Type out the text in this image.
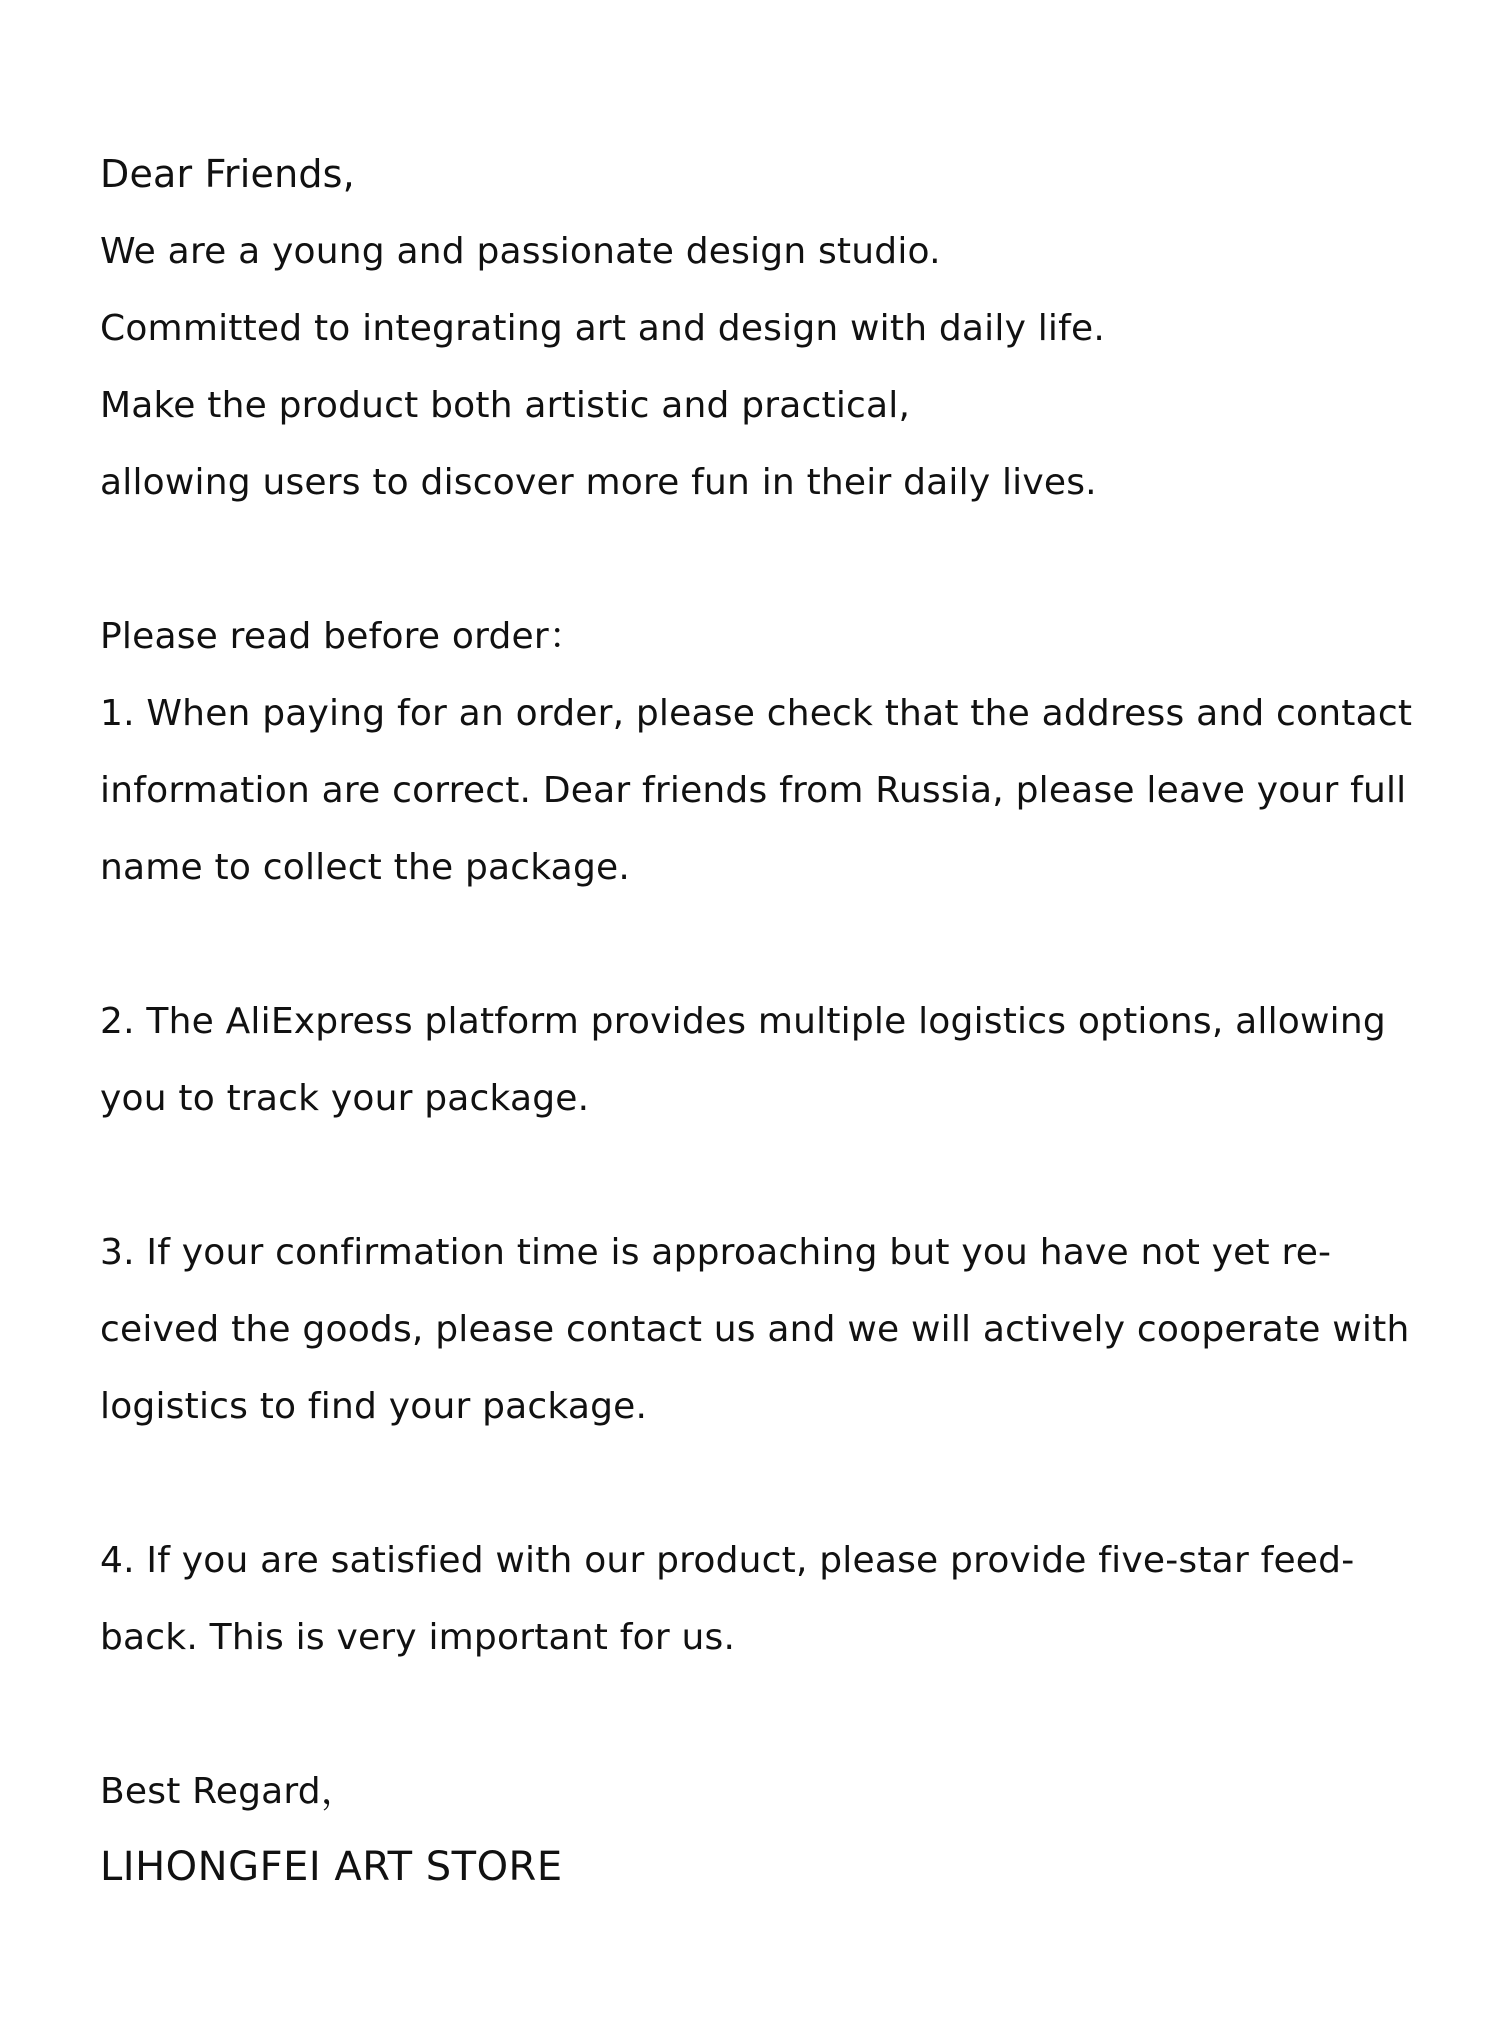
Dear Friends,
We are a young and passionate design studio.
Committed to integrating art and design with daily life.
Make the product both artistic and practical,
allowing users to discover more fun in their daily lives.
Please read before order：
1. When paying for an order, please check that the address and contact
information are correct. Dear friends from Russia, please leave your full
name to collect the package.
2. The AliExpress platform provides multiple logistics options, allowing
you to track your package.
3. If your confirmation time is approaching but you have not yet re-
ceived the goods, please contact us and we will actively cooperate with
logistics to find your package.
4. If you are satisfied with our product, please provide five-star feed-
back. This is very important for us.
Best Regard，
LIHONGFEI ART STORE
